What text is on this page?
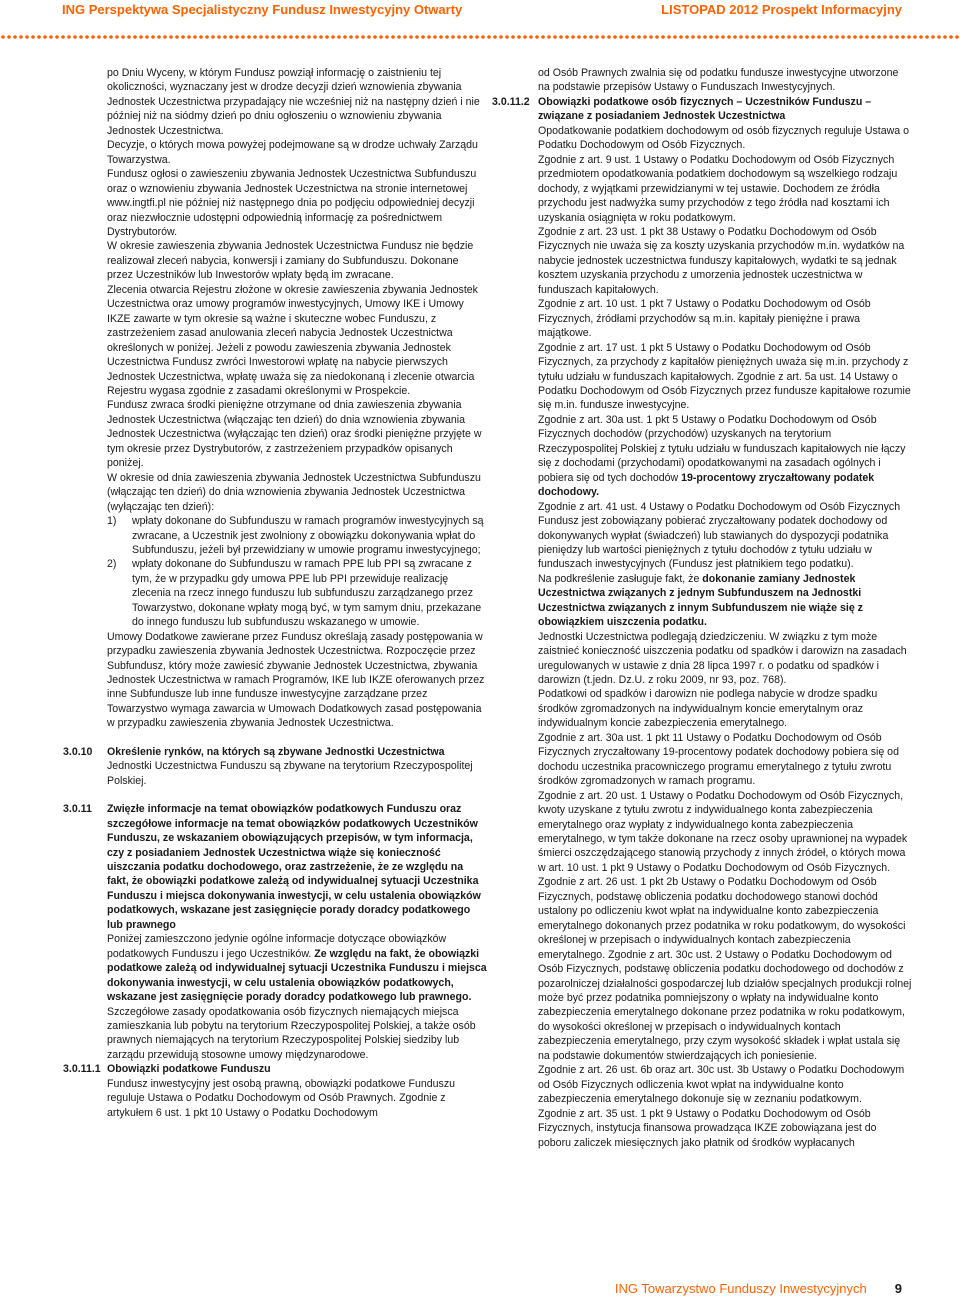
ING Perspektywa Specjalistyczny Fundusz Inwestycyjny Otwarty	LISTOPAD 2012 Prospekt Informacyjny

po Dniu Wyceny, w którym Fundusz powziął informację o zaistnieniu tej okoliczności, wyznaczany jest w drodze decyzji dzień wznowienia zbywania Jednostek Uczestnictwa przypadający nie wcześniej niż na następny dzień i nie później niż na siódmy dzień po dniu ogłoszeniu o wznowieniu zbywania Jednostek Uczestnictwa.

Decyzje, o których mowa powyżej podejmowane są w drodze uchwały Zarządu Towarzystwa.

Fundusz ogłosi o zawieszeniu zbywania Jednostek Uczestnictwa Subfunduszu oraz o wznowieniu zbywania Jednostek Uczestnictwa na stronie internetowej www.ingtfi.pl nie później niż następnego dnia po podjęciu odpowiedniej decyzji oraz niezwłocznie udostępni odpowiednią informację za pośrednictwem Dystrybutorów.

W okresie zawieszenia zbywania Jednostek Uczestnictwa Fundusz nie będzie realizował zleceń nabycia, konwersji i zamiany do Subfunduszu. Dokonane przez Uczestników lub Inwestorów wpłaty będą im zwracane.

Zlecenia otwarcia Rejestru złożone w okresie zawieszenia zbywania Jednostek Uczestnictwa oraz umowy programów inwestycyjnych, Umowy IKE i Umowy IKZE zawarte w tym okresie są ważne i skuteczne wobec Funduszu, z zastrzeżeniem zasad anulowania zleceń nabycia Jednostek Uczestnictwa określonych w poniżej. Jeżeli z powodu zawieszenia zbywania Jednostek Uczestnictwa Fundusz zwróci Inwestorowi wpłatę na nabycie pierwszych Jednostek Uczestnictwa, wpłatę uważa się za niedokonaną i zlecenie otwarcia Rejestru wygasa zgodnie z zasadami określonymi w Prospekcie.

Fundusz zwraca środki pieniężne otrzymane od dnia zawieszenia zbywania Jednostek Uczestnictwa (włączając ten dzień) do dnia wznowienia zbywania Jednostek Uczestnictwa (wyłączając ten dzień) oraz środki pieniężne przyjęte w tym okresie przez Dystrybutorów, z zastrzeżeniem przypadków opisanych poniżej.

W okresie od dnia zawieszenia zbywania Jednostek Uczestnictwa Subfunduszu (włączając ten dzień) do dnia wznowienia zbywania Jednostek Uczestnictwa (wyłączając ten dzień):

1) wpłaty dokonane do Subfunduszu w ramach programów inwestycyjnych są zwracane, a Uczestnik jest zwolniony z obowiązku dokonywania wpłat do Subfunduszu, jeżeli był przewidziany w umowie programu inwestycyjnego;
2) wpłaty dokonane do Subfunduszu w ramach PPE lub PPI są zwracane z tym, że w przypadku gdy umowa PPE lub PPI przewiduje realizację zlecenia na rzecz innego funduszu lub subfunduszu zarządzanego przez Towarzystwo, dokonane wpłaty mogą być, w tym samym dniu, przekazane do innego funduszu lub subfunduszu wskazanego w umowie.

Umowy Dodatkowe zawierane przez Fundusz określają zasady postępowania w przypadku zawieszenia zbywania Jednostek Uczestnictwa. Rozpoczęcie przez Subfundusz, który może zawiesić zbywanie Jednostek Uczestnictwa, zbywania Jednostek Uczestnictwa w ramach Programów, IKE lub IKZE oferowanych przez inne Subfundusze lub inne fundusze inwestycyjne zarządzane przez Towarzystwo wymaga zawarcia w Umowach Dodatkowych zasad postępowania w przypadku zawieszenia zbywania Jednostek Uczestnictwa.

3.0.10 Określenie rynków, na których są zbywane Jednostki Uczestnictwa

Jednostki Uczestnictwa Funduszu są zbywane na terytorium Rzeczypospolitej Polskiej.

3.0.11 Zwięzłe informacje na temat obowiązków podatkowych Funduszu oraz szczegółowe informacje na temat obowiązków podatkowych Uczestników Funduszu, ze wskazaniem obowiązujących przepisów, w tym informacja, czy z posiadaniem Jednostek Uczestnictwa wiąże się konieczność uiszczania podatku dochodowego, oraz zastrzeżenie, że ze względu na fakt, że obowiązki podatkowe zależą od indywidualnej sytuacji Uczestnika Funduszu i miejsca dokonywania inwestycji, w celu ustalenia obowiązków podatkowych, wskazane jest zasięgnięcie porady doradcy podatkowego lub prawnego

Poniżej zamieszczono jedynie ogólne informacje dotyczące obowiązków podatkowych Funduszu i jego Uczestników. Ze względu na fakt, że obowiązki podatkowe zależą od indywidualnej sytuacji Uczestnika Funduszu i miejsca dokonywania inwestycji, w celu ustalenia obowiązków podatkowych, wskazane jest zasięgnięcie porady doradcy podatkowego lub prawnego. Szczegółowe zasady opodatkowania osób fizycznych niemających miejsca zamieszkania lub pobytu na terytorium Rzeczypospolitej Polskiej, a także osób prawnych niemających na terytorium Rzeczypospolitej Polskiej siedziby lub zarządu przewidują stosowne umowy międzynarodowe.

3.0.11.1 Obowiązki podatkowe Funduszu

Fundusz inwestycyjny jest osobą prawną, obowiązki podatkowe Funduszu reguluje Ustawa o Podatku Dochodowym od Osób Prawnych. Zgodnie z artykułem 6 ust. 1 pkt 10 Ustawy o Podatku Dochodowym

od Osób Prawnych zwalnia się od podatku fundusze inwestycyjne utworzone na podstawie przepisów Ustawy o Funduszach Inwestycyjnych.

3.0.11.2 Obowiązki podatkowe osób fizycznych – Uczestników Funduszu – związane z posiadaniem Jednostek Uczestnictwa

Opodatkowanie podatkiem dochodowym od osób fizycznych reguluje Ustawa o Podatku Dochodowym od Osób Fizycznych.

Zgodnie z art. 9 ust. 1 Ustawy o Podatku Dochodowym od Osób Fizycznych przedmiotem opodatkowania podatkiem dochodowym są wszelkiego rodzaju dochody, z wyjątkami przewidzianymi w tej ustawie. Dochodem ze źródła przychodu jest nadwyżka sumy przychodów z tego źródła nad kosztami ich uzyskania osiągnięta w roku podatkowym.

Zgodnie z art. 23 ust. 1 pkt 38 Ustawy o Podatku Dochodowym od Osób Fizycznych nie uważa się za koszty uzyskania przychodów m.in. wydatków na nabycie jednostek uczestnictwa funduszy kapitałowych, wydatki te są jednak kosztem uzyskania przychodu z umorzenia jednostek uczestnictwa w funduszach kapitałowych.

Zgodnie z art. 10 ust. 1 pkt 7 Ustawy o Podatku Dochodowym od Osób Fizycznych, źródłami przychodów są m.in. kapitały pieniężne i prawa majątkowe.

Zgodnie z art. 17 ust. 1 pkt 5 Ustawy o Podatku Dochodowym od Osób Fizycznych, za przychody z kapitałów pieniężnych uważa się m.in. przychody z tytułu udziału w funduszach kapitałowych. Zgodnie z art. 5a ust. 14 Ustawy o Podatku Dochodowym od Osób Fizycznych przez fundusze kapitałowe rozumie się m.in. fundusze inwestycyjne.

Zgodnie z art. 30a ust. 1 pkt 5 Ustawy o Podatku Dochodowym od Osób Fizycznych dochodów (przychodów) uzyskanych na terytorium Rzeczypospolitej Polskiej z tytułu udziału w funduszach kapitałowych nie łączy się z dochodami (przychodami) opodatkowanymi na zasadach ogólnych i pobiera się od tych dochodów 19-procentowy zryczałtowany podatek dochodowy.

Zgodnie z art. 41 ust. 4 Ustawy o Podatku Dochodowym od Osób Fizycznych Fundusz jest zobowiązany pobierać zryczałtowany podatek dochodowy od dokonywanych wypłat (świadczeń) lub stawianych do dyspozycji podatnika pieniędzy lub wartości pieniężnych z tytułu dochodów z tytułu udziału w funduszach inwestycyjnych (Fundusz jest płatnikiem tego podatku).

Na podkreślenie zasługuje fakt, że dokonanie zamiany Jednostek Uczestnictwa związanych z jednym Subfunduszem na Jednostki Uczestnictwa związanych z innym Subfunduszem nie wiąże się z obowiązkiem uiszczenia podatku.

Jednostki Uczestnictwa podlegają dziedziczeniu. W związku z tym może zaistnieć konieczność uiszczenia podatku od spadków i darowizn na zasadach uregulowanych w ustawie z dnia 28 lipca 1997 r. o podatku od spadków i darowizn (t.jedn. Dz.U. z roku 2009, nr 93, poz. 768).

Podatkowi od spadków i darowizn nie podlega nabycie w drodze spadku środków zgromadzonych na indywidualnym koncie emerytalnym oraz indywidualnym koncie zabezpieczenia emerytalnego.

Zgodnie z art. 30a ust. 1 pkt 11 Ustawy o Podatku Dochodowym od Osób Fizycznych zryczałtowany 19-procentowy podatek dochodowy pobiera się od dochodu uczestnika pracowniczego programu emerytalnego z tytułu zwrotu środków zgromadzonych w ramach programu.

Zgodnie z art. 20 ust. 1 Ustawy o Podatku Dochodowym od Osób Fizycznych, kwoty uzyskane z tytułu zwrotu z indywidualnego konta zabezpieczenia emerytalnego oraz wypłaty z indywidualnego konta zabezpieczenia emerytalnego, w tym także dokonane na rzecz osoby uprawnionej na wypadek śmierci oszczędzającego stanowią przychody z innych źródeł, o których mowa w art. 10 ust. 1 pkt 9 Ustawy o Podatku Dochodowym od Osób Fizycznych.

Zgodnie z art. 26 ust. 1 pkt 2b Ustawy o Podatku Dochodowym od Osób Fizycznych, podstawę obliczenia podatku dochodowego stanowi dochód ustalony po odliczeniu kwot wpłat na indywidualne konto zabezpieczenia emerytalnego dokonanych przez podatnika w roku podatkowym, do wysokości określonej w przepisach o indywidualnych kontach zabezpieczenia emerytalnego. Zgodnie z art. 30c ust. 2 Ustawy o Podatku Dochodowym od Osób Fizycznych, podstawę obliczenia podatku dochodowego od dochodów z pozarolniczej działalności gospodarczej lub działów specjalnych produkcji rolnej może być przez podatnika pomniejszony o wpłaty na indywidualne konto zabezpieczenia emerytalnego dokonane przez podatnika w roku podatkowym, do wysokości określonej w przepisach o indywidualnych kontach zabezpieczenia emerytalnego, przy czym wysokość składek i wpłat ustala się na podstawie dokumentów stwierdzających ich poniesienie.

Zgodnie z art. 26 ust. 6b oraz art. 30c ust. 3b Ustawy o Podatku Dochodowym od Osób Fizycznych odliczenia kwot wpłat na indywidualne konto zabezpieczenia emerytalnego dokonuje się w zeznaniu podatkowym.

Zgodnie z art. 35 ust. 1 pkt 9 Ustawy o Podatku Dochodowym od Osób Fizycznych, instytucja finansowa prowadząca IKZE zobowiązana jest do poboru zaliczek miesięcznych jako płatnik od środków wypłacanych

ING Towarzystwo Funduszy Inwestycyjnych 9
